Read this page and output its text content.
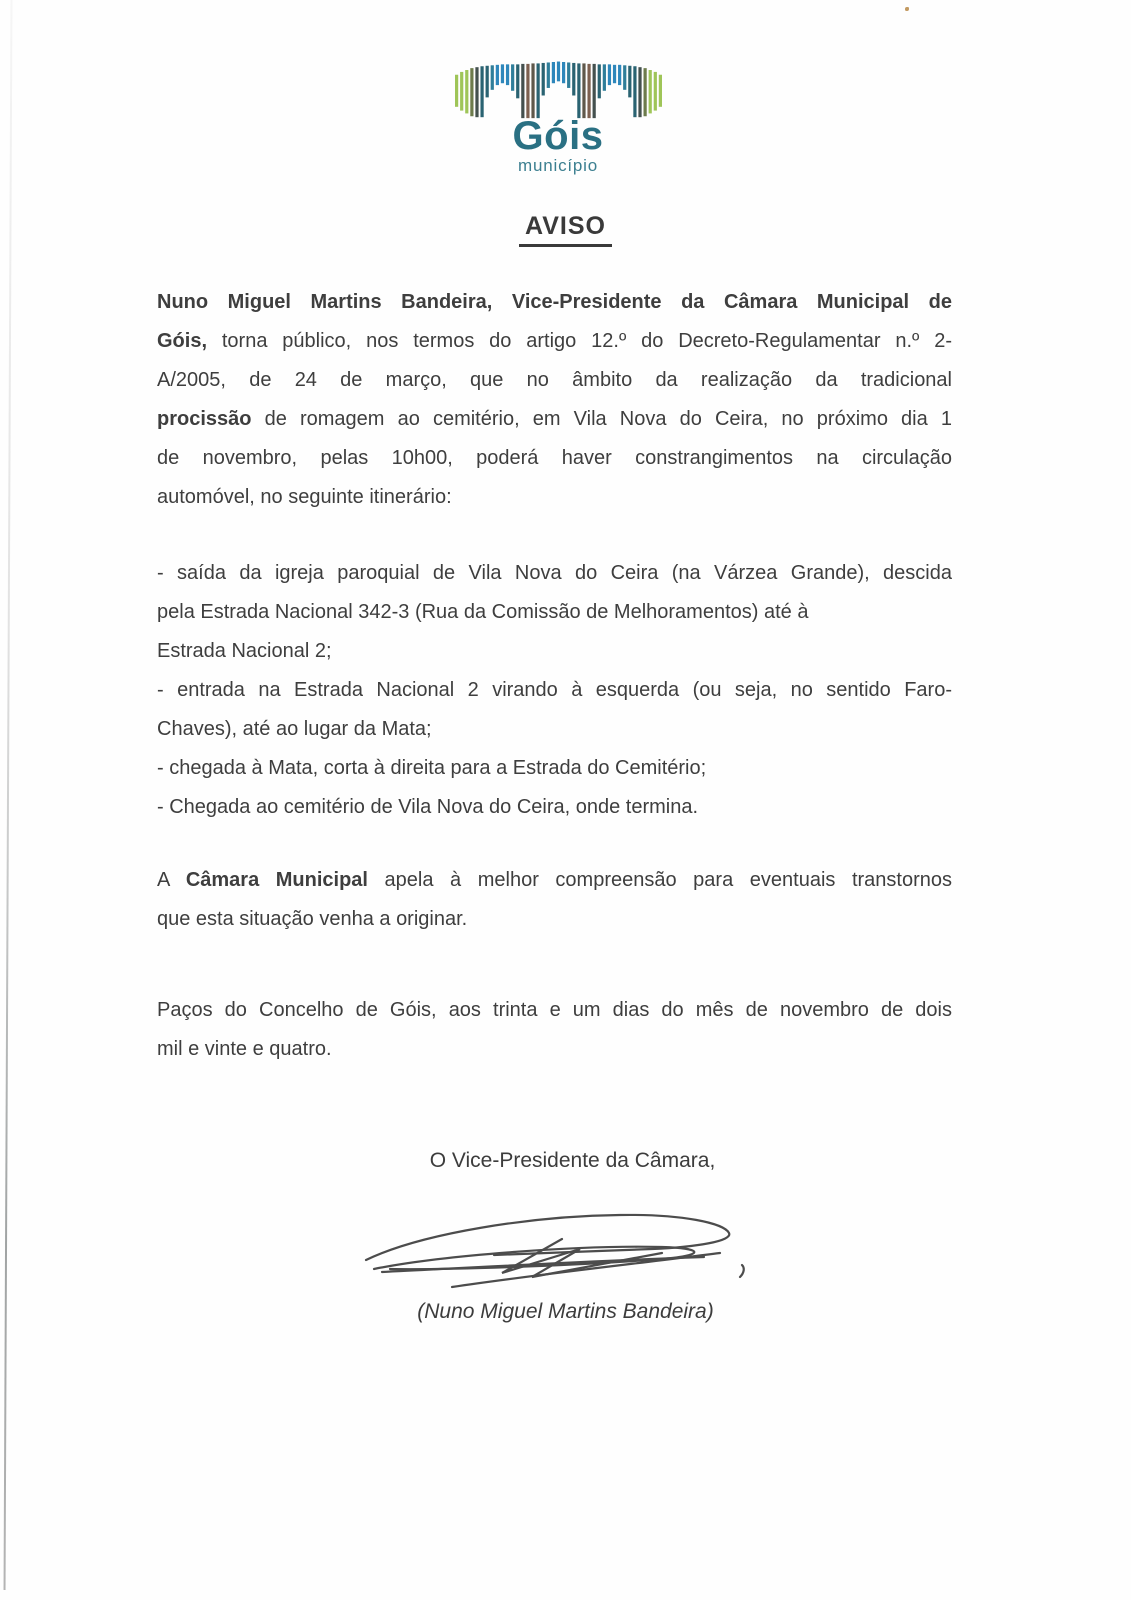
Góis
município
AVISO
Nuno Miguel Martins Bandeira, Vice-Presidente da Câmara Municipal de
Góis, torna público, nos termos do artigo 12.º do Decreto-Regulamentar n.º 2-
A/2005, de 24 de março, que no âmbito da realização da tradicional
procissão de romagem ao cemitério, em Vila Nova do Ceira, no próximo dia 1
de novembro, pelas 10h00, poderá haver constrangimentos na circulação
automóvel, no seguinte itinerário:
- saída da igreja paroquial de Vila Nova do Ceira (na Várzea Grande), descida
pela Estrada Nacional 342-3 (Rua da Comissão de Melhoramentos) até à
Estrada Nacional 2;
- entrada na Estrada Nacional 2 virando à esquerda (ou seja, no sentido Faro-
Chaves), até ao lugar da Mata;
- chegada à Mata, corta à direita para a Estrada do Cemitério;
- Chegada ao cemitério de Vila Nova do Ceira, onde termina.
A Câmara Municipal apela à melhor compreensão para eventuais transtornos
que esta situação venha a originar.
Paços do Concelho de Góis, aos trinta e um dias do mês de novembro de dois
mil e vinte e quatro.
O Vice-Presidente da Câmara,
(Nuno Miguel Martins Bandeira)
